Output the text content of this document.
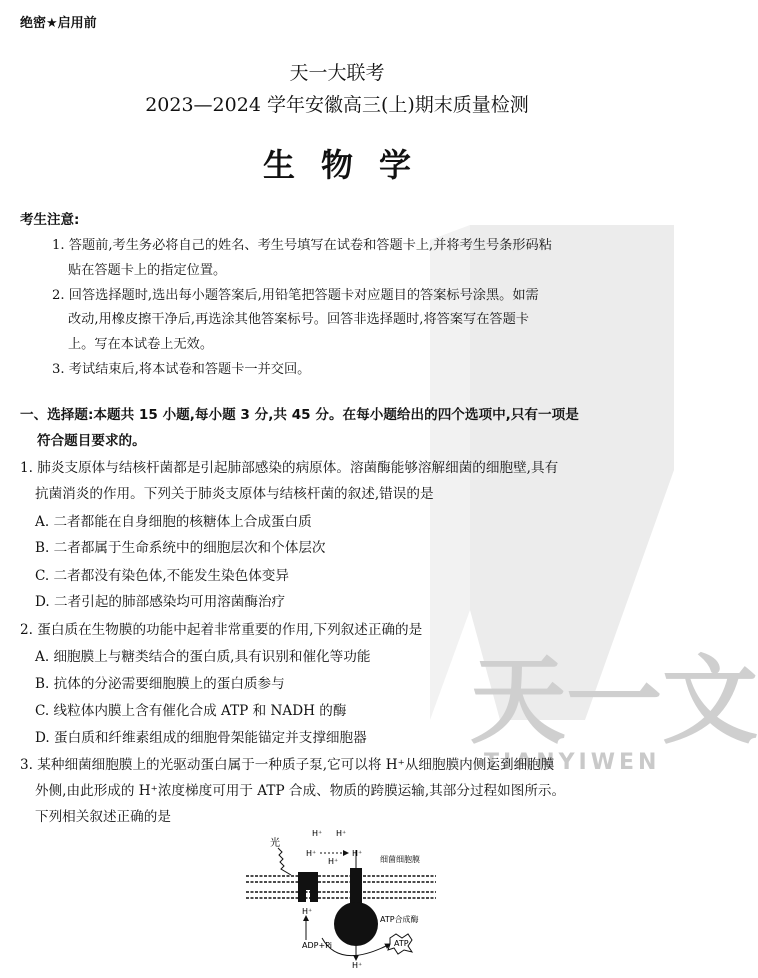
天一文
TIANYIWEN
绝密★启用前
天一大联考
2023—2024 学年安徽高三(上)期末质量检测
生物学
考生注意:
1. 答题前,考生务必将自己的姓名、考生号填写在试卷和答题卡上,并将考生号条形码粘
贴在答题卡上的指定位置。
2. 回答选择题时,选出每小题答案后,用铅笔把答题卡对应题目的答案标号涂黑。如需
改动,用橡皮擦干净后,再选涂其他答案标号。回答非选择题时,将答案写在答题卡
上。写在本试卷上无效。
3. 考试结束后,将本试卷和答题卡一并交回。
一、选择题:本题共 15 小题,每小题 3 分,共 45 分。在每小题给出的四个选项中,只有一项是
符合题目要求的。
1. 肺炎支原体与结核杆菌都是引起肺部感染的病原体。溶菌酶能够溶解细菌的细胞壁,具有
抗菌消炎的作用。下列关于肺炎支原体与结核杆菌的叙述,错误的是
A. 二者都能在自身细胞的核糖体上合成蛋白质
B. 二者都属于生命系统中的细胞层次和个体层次
C. 二者都没有染色体,不能发生染色体变异
D. 二者引起的肺部感染均可用溶菌酶治疗
2. 蛋白质在生物膜的功能中起着非常重要的作用,下列叙述正确的是
A. 细胞膜上与糖类结合的蛋白质,具有识别和催化等功能
B. 抗体的分泌需要细胞膜上的蛋白质参与
C. 线粒体内膜上含有催化合成 ATP 和 NADH 的酶
D. 蛋白质和纤维素组成的细胞骨架能锚定并支撑细胞器
3. 某种细菌细胞膜上的光驱动蛋白属于一种质子泵,它可以将 H⁺从细胞膜内侧运到细胞膜
外侧,由此形成的 H⁺浓度梯度可用于 ATP 合成、物质的跨膜运输,其部分过程如图所示。
下列相关叙述正确的是
H⁺ H⁺
H⁺	H⁺
H⁺
H⁺
H⁺
ATP
光
细菌细胞膜
ATP合成酶
ADP+Pi
